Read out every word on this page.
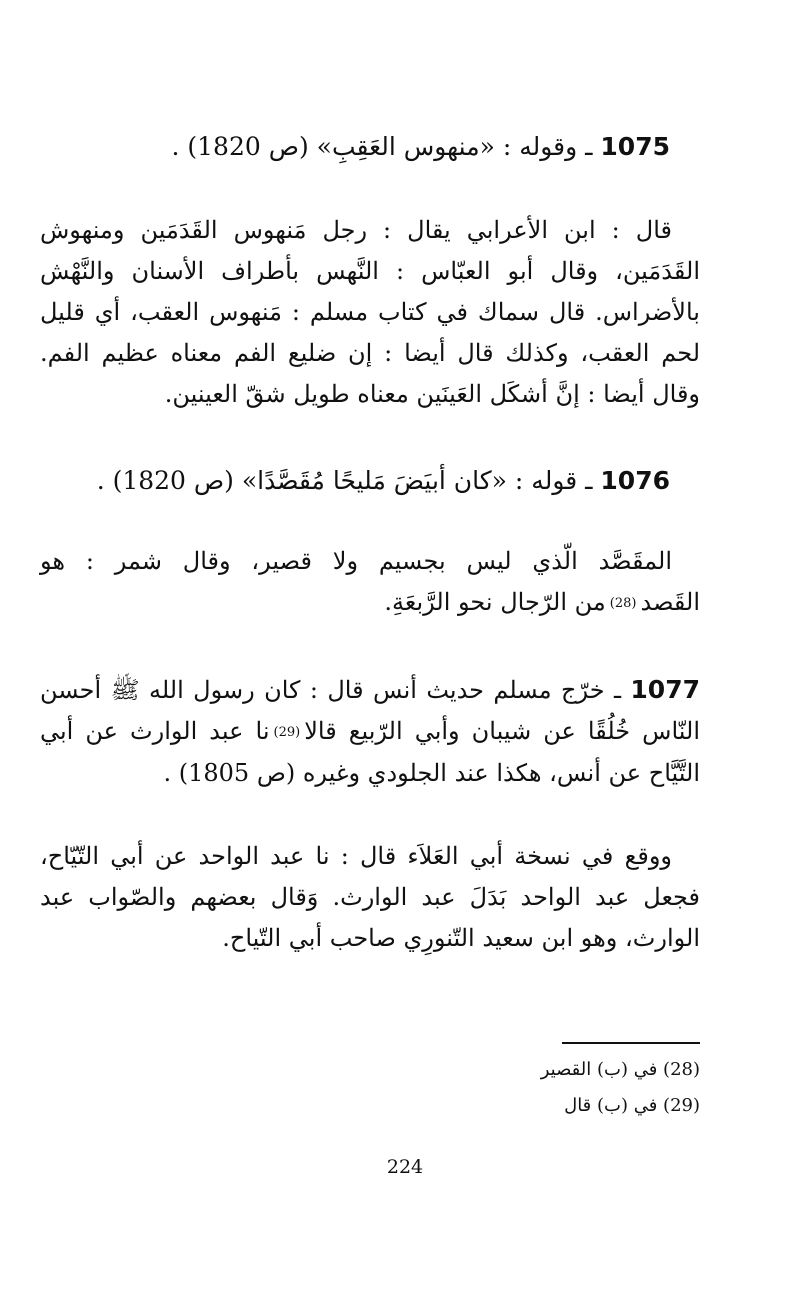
1075 ـ وقوله : «منهوس العَقِبِ» (ص 1820) .
قال : ابن الأعرابي يقال : رجل مَنهوس القَدَمَين ومنهوش القَدَمَين، وقال أبو العبّاس : النَّهس بأطراف الأسنان والنَّهْش بالأضراس. قال سماك في كتاب مسلم : مَنهوس العقب، أي قليل لحم العقب، وكذلك قال أيضا : إن ضليع الفم معناه عظيم الفم. وقال أيضا : إنَّ أشكَل العَينَين معناه طويل شقّ العينين.
1076 ـ قوله : «كان أبيَضَ مَليحًا مُقَصَّدًا» (ص 1820) .
المقَصَّد الّذي ليس بجسيم ولا قصير، وقال شمر : هو القَصد(28)من الرّجال نحو الرَّبعَةِ.
1077 ـ خرّج مسلم حديث أنس قال : كان رسول الله ﷺ أحسن النّاس خُلُقًا عن شيبان وأبي الرّبيع قالا(29)نا عبد الوارث عن أبي التَّيَّاح عن أنس، هكذا عند الجلودي وغيره (ص 1805) .
ووقع في نسخة أبي العَلاَء قال : نا عبد الواحد عن أبي التّيّاح، فجعل عبد الواحد بَدَلَ عبد الوارث. وَقال بعضهم والصّواب عبد الوارث، وهو ابن سعيد التّنورِي صاحب أبي التّياح.
(28) في (ب) القصير
(29) في (ب) قال
224
